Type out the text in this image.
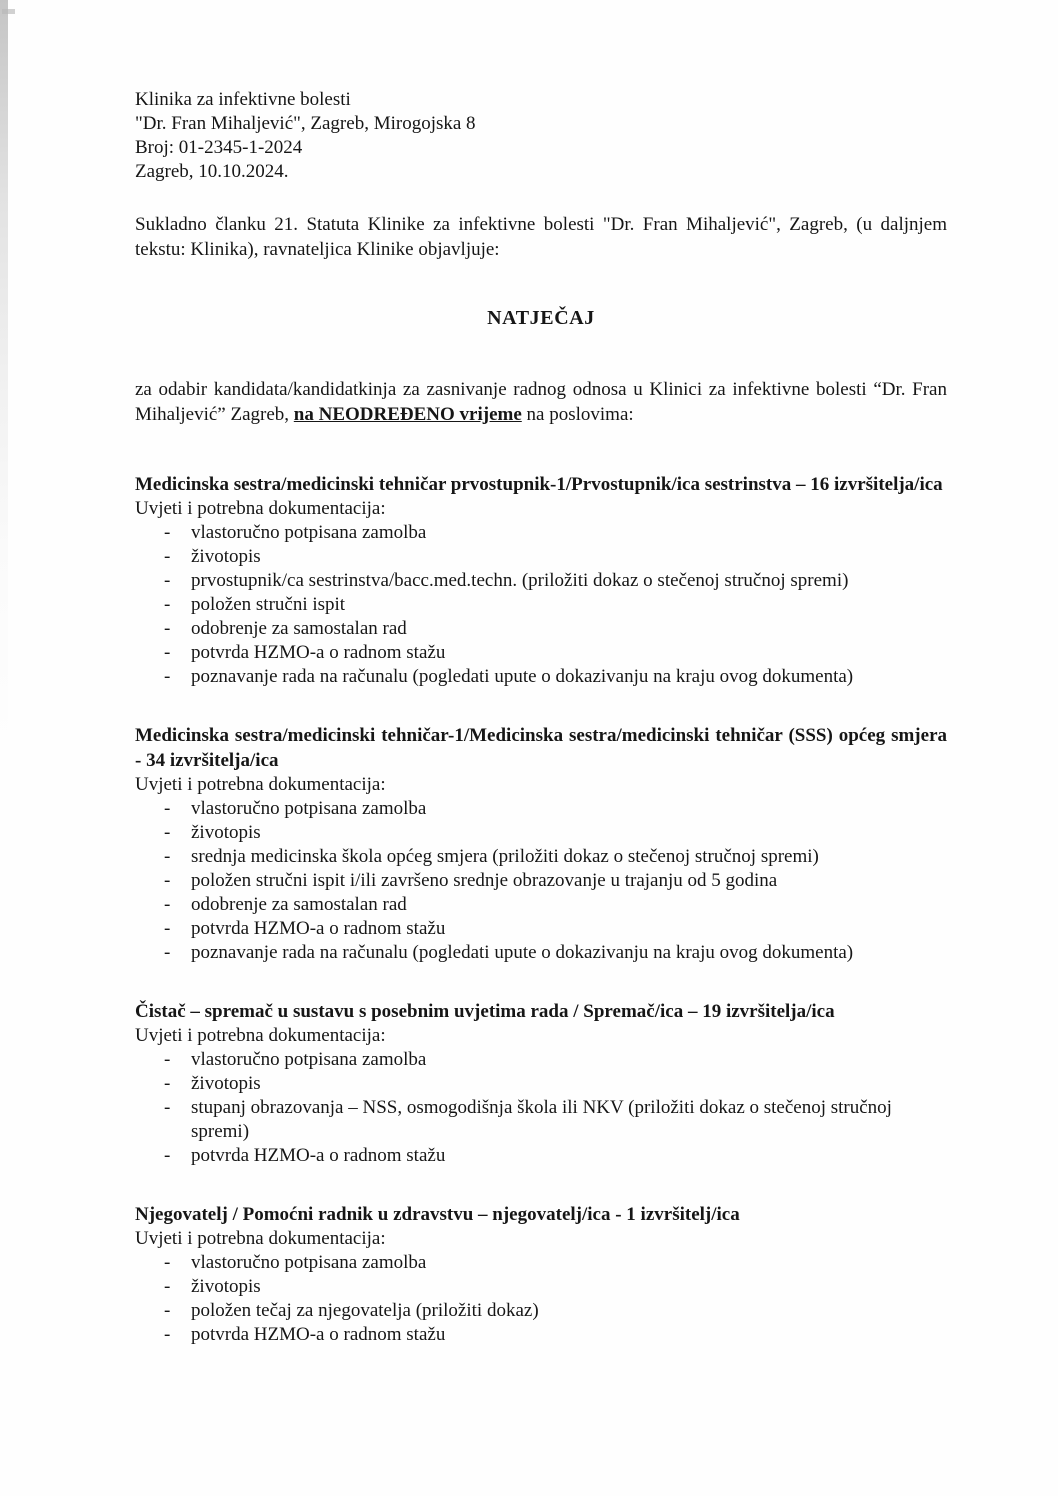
Klinika za infektivne bolesti
"Dr. Fran Mihaljević", Zagreb, Mirogojska 8
Broj: 01-2345-1-2024
Zagreb, 10.10.2024.

Sukladno članku 21. Statuta Klinike za infektivne bolesti "Dr. Fran Mihaljević", Zagreb, (u daljnjem tekstu: Klinika), ravnateljica Klinike objavljuje:

NATJEČAJ

za odabir kandidata/kandidatkinja za zasnivanje radnog odnosa u Klinici za infektivne bolesti “Dr. Fran Mihaljević” Zagreb, na NEODREĐENO vrijeme na poslovima:

Medicinska sestra/medicinski tehničar prvostupnik-1/Prvostupnik/ica sestrinstva – 16 izvršitelja/ica
Uvjeti i potrebna dokumentacija:
-	vlastoručno potpisana zamolba
-	životopis
-	prvostupnik/ca sestrinstva/bacc.med.techn. (priložiti dokaz o stečenoj stručnoj spremi)
-	položen stručni ispit
-	odobrenje za samostalan rad
-	potvrda HZMO-a o radnom stažu
-	poznavanje rada na računalu (pogledati upute o dokazivanju na kraju ovog dokumenta)
Medicinska sestra/medicinski tehničar-1/Medicinska sestra/medicinski tehničar (SSS) općeg smjera - 34 izvršitelja/ica
Uvjeti i potrebna dokumentacija:
-	vlastoručno potpisana zamolba
-	životopis
-	srednja medicinska škola općeg smjera (priložiti dokaz o stečenoj stručnoj spremi)
-	položen stručni ispit i/ili završeno srednje obrazovanje u trajanju od 5 godina
-	odobrenje za samostalan rad
-	potvrda HZMO-a o radnom stažu
-	poznavanje rada na računalu (pogledati upute o dokazivanju na kraju ovog dokumenta)
Čistač – spremač u sustavu s posebnim uvjetima rada / Spremač/ica – 19 izvršitelja/ica
Uvjeti i potrebna dokumentacija:
-	vlastoručno potpisana zamolba
-	životopis
-	stupanj obrazovanja – NSS, osmogodišnja škola ili NKV (priložiti dokaz o stečenoj stručnoj spremi)
-	potvrda HZMO-a o radnom stažu
Njegovatelj / Pomoćni radnik u zdravstvu – njegovatelj/ica - 1 izvršitelj/ica
Uvjeti i potrebna dokumentacija:
-	vlastoručno potpisana zamolba
-	životopis
-	položen tečaj za njegovatelja (priložiti dokaz)
-	potvrda HZMO-a o radnom stažu
